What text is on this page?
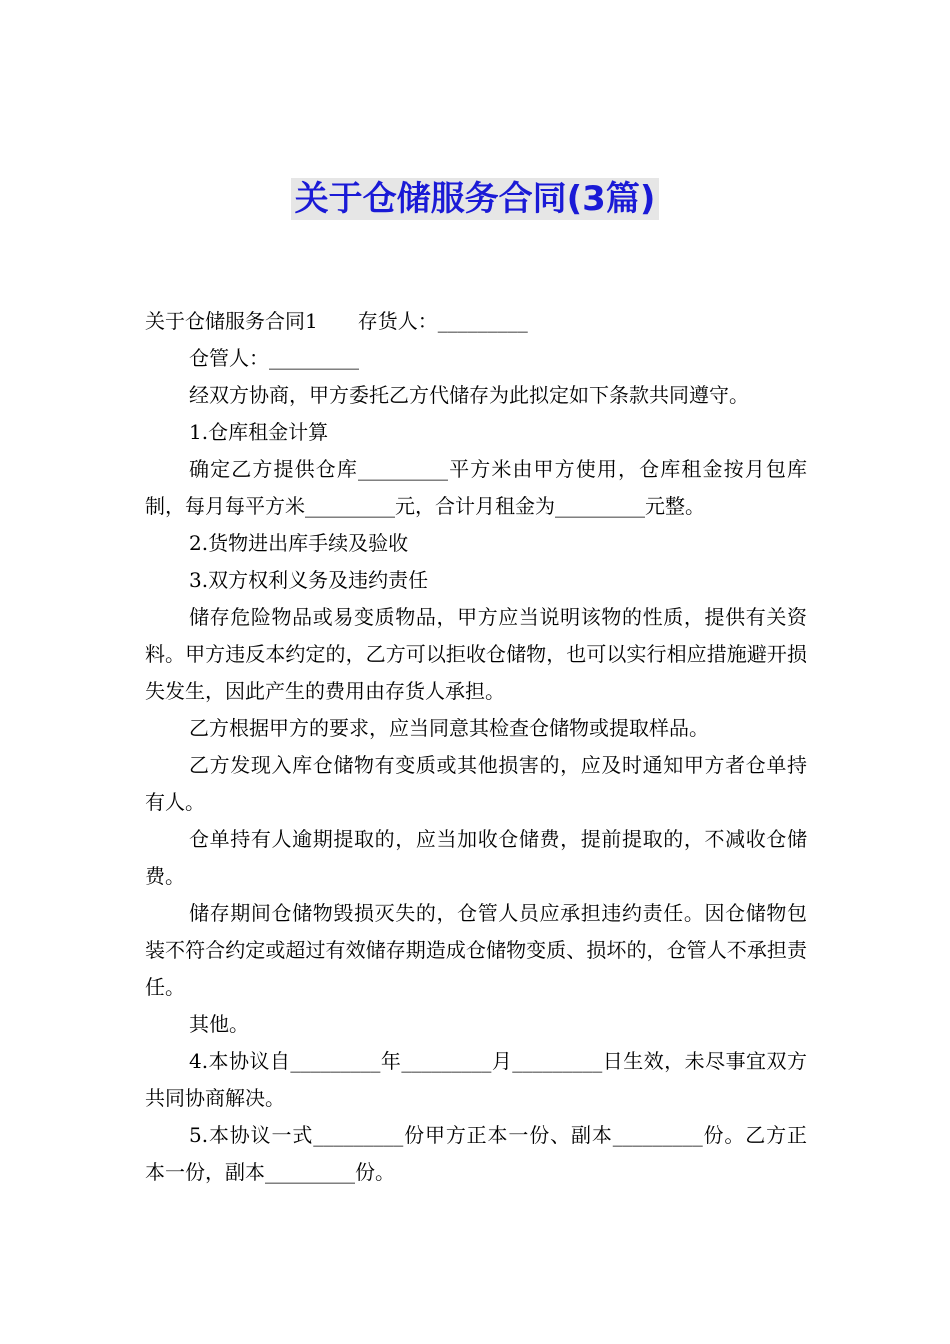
关于仓储服务合同(3篇)

关于仓储服务合同1 存货人：_________

仓管人：_________

经双方协商，甲方委托乙方代储存为此拟定如下条款共同遵守。

1.仓库租金计算

确定乙方提供仓库_________平方米由甲方使用，仓库租金按月包库制，每月每平方米_________元，合计月租金为_________元整。

2.货物进出库手续及验收

3.双方权利义务及违约责任

储存危险物品或易变质物品，甲方应当说明该物的性质，提供有关资料。甲方违反本约定的，乙方可以拒收仓储物，也可以实行相应措施避开损失发生，因此产生的费用由存货人承担。

乙方根据甲方的要求，应当同意其检查仓储物或提取样品。

乙方发现入库仓储物有变质或其他损害的，应及时通知甲方者仓单持有人。

仓单持有人逾期提取的，应当加收仓储费，提前提取的，不减收仓储费。

储存期间仓储物毁损灭失的，仓管人员应承担违约责任。因仓储物包装不符合约定或超过有效储存期造成仓储物变质、损坏的，仓管人不承担责任。

其他。

4.本协议自_________年_________月_________日生效，未尽事宜双方共同协商解决。

5.本协议一式_________份甲方正本一份、副本_________份。乙方正本一份，副本_________份。
